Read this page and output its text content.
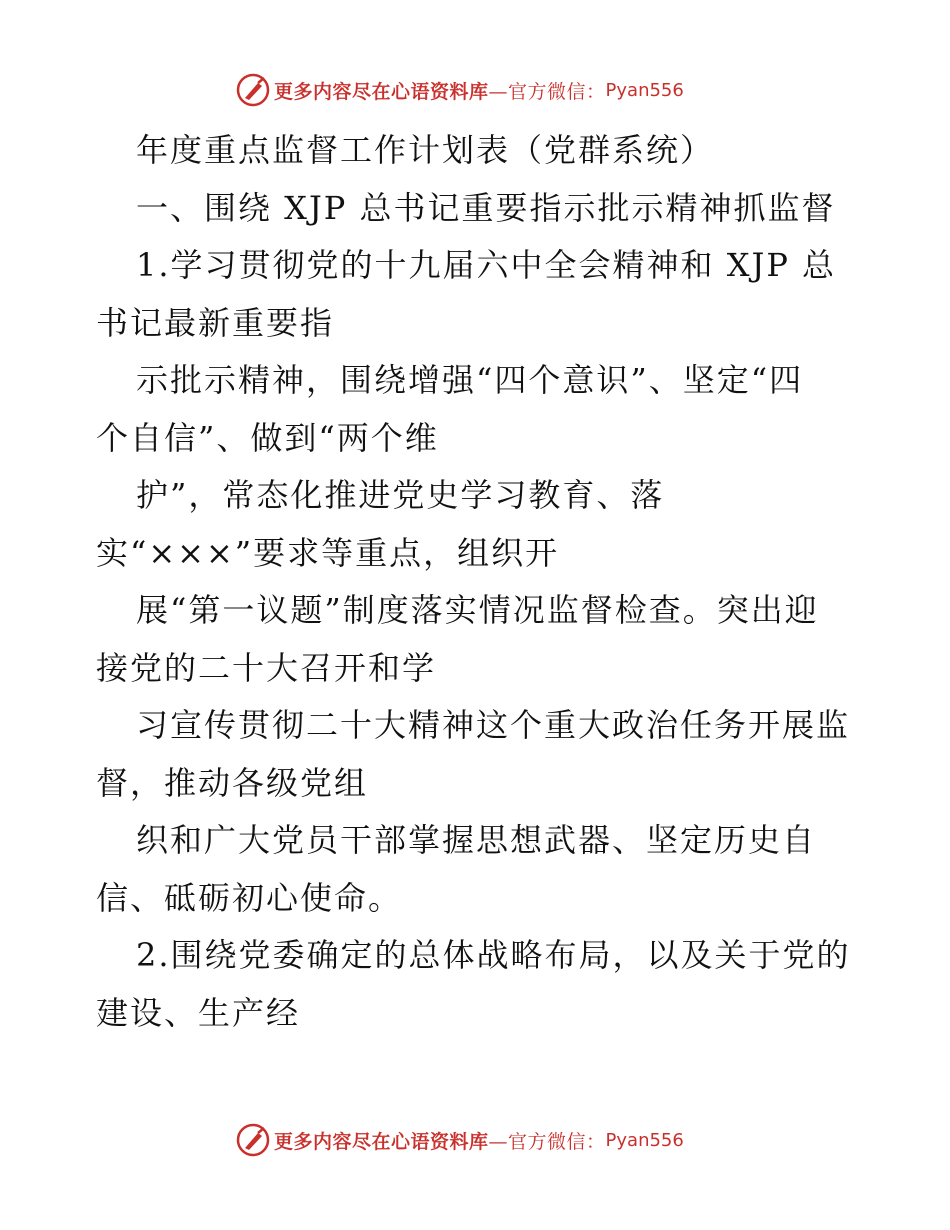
更多内容尽在心语资料库 —官方微信： Pyan556
年度重点监督工作计划表（党群系统）
一、围绕 XJP 总书记重要指示批示精神抓监督
1.学习贯彻党的十九届六中全会精神和 XJP 总
书记最新重要指
示批示精神，围绕增强“四个意识”、坚定“四
个自信”、做到“两个维
护”，常态化推进党史学习教育、落
实“×××”要求等重点，组织开
展“第一议题”制度落实情况监督检查。突出迎
接党的二十大召开和学
习宣传贯彻二十大精神这个重大政治任务开展监
督，推动各级党组
织和广大党员干部掌握思想武器、坚定历史自
信、砥砺初心使命。
2.围绕党委确定的总体战略布局，以及关于党的
建设、生产经
更多内容尽在心语资料库 —官方微信： Pyan556
